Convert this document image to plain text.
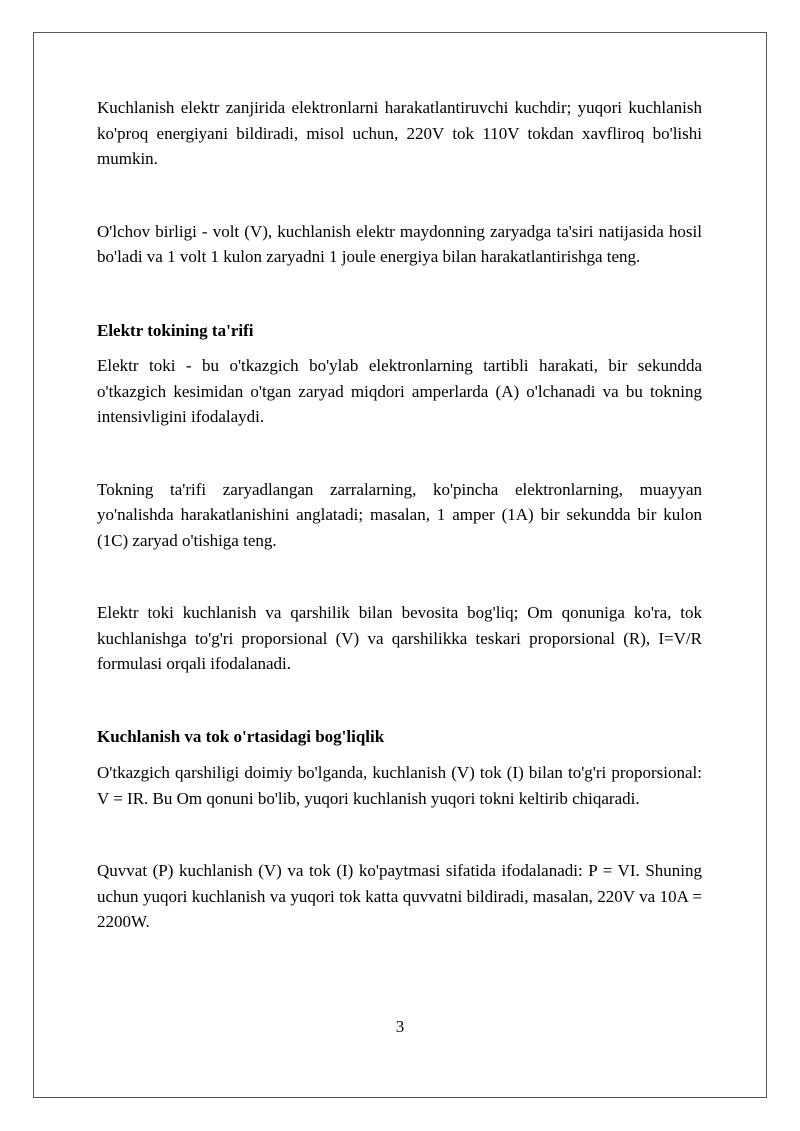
Kuchlanish elektr zanjirida elektronlarni harakatlantiruvchi kuchdir; yuqori kuchlanish ko'proq energiyani bildiradi, misol uchun, 220V tok 110V tokdan xavfliroq bo'lishi mumkin.

O'lchov birligi - volt (V), kuchlanish elektr maydonning zaryadga ta'siri natijasida hosil bo'ladi va 1 volt 1 kulon zaryadni 1 joule energiya bilan harakatlantirishga teng.

Elektr tokining ta'rifi

Elektr toki - bu o'tkazgich bo'ylab elektronlarning tartibli harakati, bir sekundda o'tkazgich kesimidan o'tgan zaryad miqdori amperlarda (A) o'lchanadi va bu tokning intensivligini ifodalaydi.

Tokning ta'rifi zaryadlangan zarralarning, ko'pincha elektronlarning, muayyan yo'nalishda harakatlanishini anglatadi; masalan, 1 amper (1A) bir sekundda bir kulon (1C) zaryad o'tishiga teng.

Elektr toki kuchlanish va qarshilik bilan bevosita bog'liq; Om qonuniga ko'ra, tok kuchlanishga to'g'ri proporsional (V) va qarshilikka teskari proporsional (R), I=V/R formulasi orqali ifodalanadi.

Kuchlanish va tok o'rtasidagi bog'liqlik

O'tkazgich qarshiligi doimiy bo'lganda, kuchlanish (V) tok (I) bilan to'g'ri proporsional: V = IR. Bu Om qonuni bo'lib, yuqori kuchlanish yuqori tokni keltirib chiqaradi.

Quvvat (P) kuchlanish (V) va tok (I) ko'paytmasi sifatida ifodalanadi: P = VI. Shuning uchun yuqori kuchlanish va yuqori tok katta quvvatni bildiradi, masalan, 220V va 10A = 2200W.

3
